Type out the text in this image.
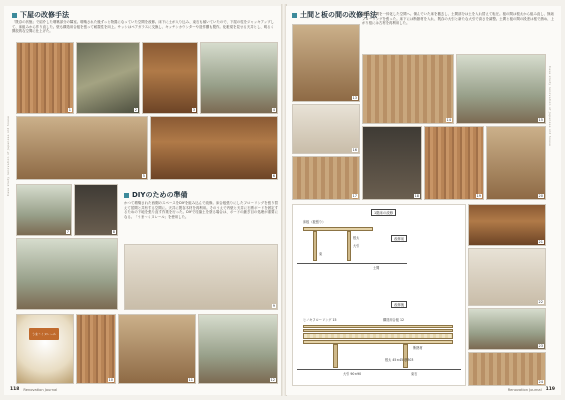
下屋の改修手法
「既存の状態」で紹介した増築部分の隣室。増築された後ずっと物置になっていた空間を改修。床下に土が入り込み、束石も傾いていたので、下屋の柱をジャッキアップして、床組みから作り直した。壁も構造用合板を張って耐震性を向上。サッシはペアガラスに交換し、キッチンカウンターや造作棚も製作。化粧梁を見せる天井とし、明るく開放的な空間に仕上げた。
Case study renovation of Japanese old house
1	2	3	4
5	6
7	8
DIYのための準備
かつて増築された西側のスペースをDIYを組み込んで改修。床合板張りにしたフローリングを張り替えて居間と共有する空間に。天井に既存木材を再利用。そのうえで内壁と天井に石膏ボードを固定するための下地を張り直す作業を行った。DIYで珪藻土を塗る場合は、ボードの継ぎ目の処理が重要になる。「うま〜くヌレール」を使用した。
9
うま〜くヌレール
10	11	12
118 Renovation Journal
土間と板の間の改修手法
縁側と土間を一体化した空間へ。傷んでいた床を撤去し、土間部分は土を入れ替えて転圧。板の間は根太から組み直し、無垢フローリングを張った。床下には断熱材を入れ、既存の大引と新たな大引で高さを調整。土間と板の間の段差は框で納め、上がり框には古材を再利用した。
Case study renovation of Japanese old house
13
14	15
16
17	18	19	20
1階床の改修
改修前
改修後
床板（板張り）
根太
大引
束
土間
ヒノキフローリング 15	構造用合板 12
断熱材
根太 45×45 @303
大引 90×90	束石
21
22
23
24
Renovation Journal 119
